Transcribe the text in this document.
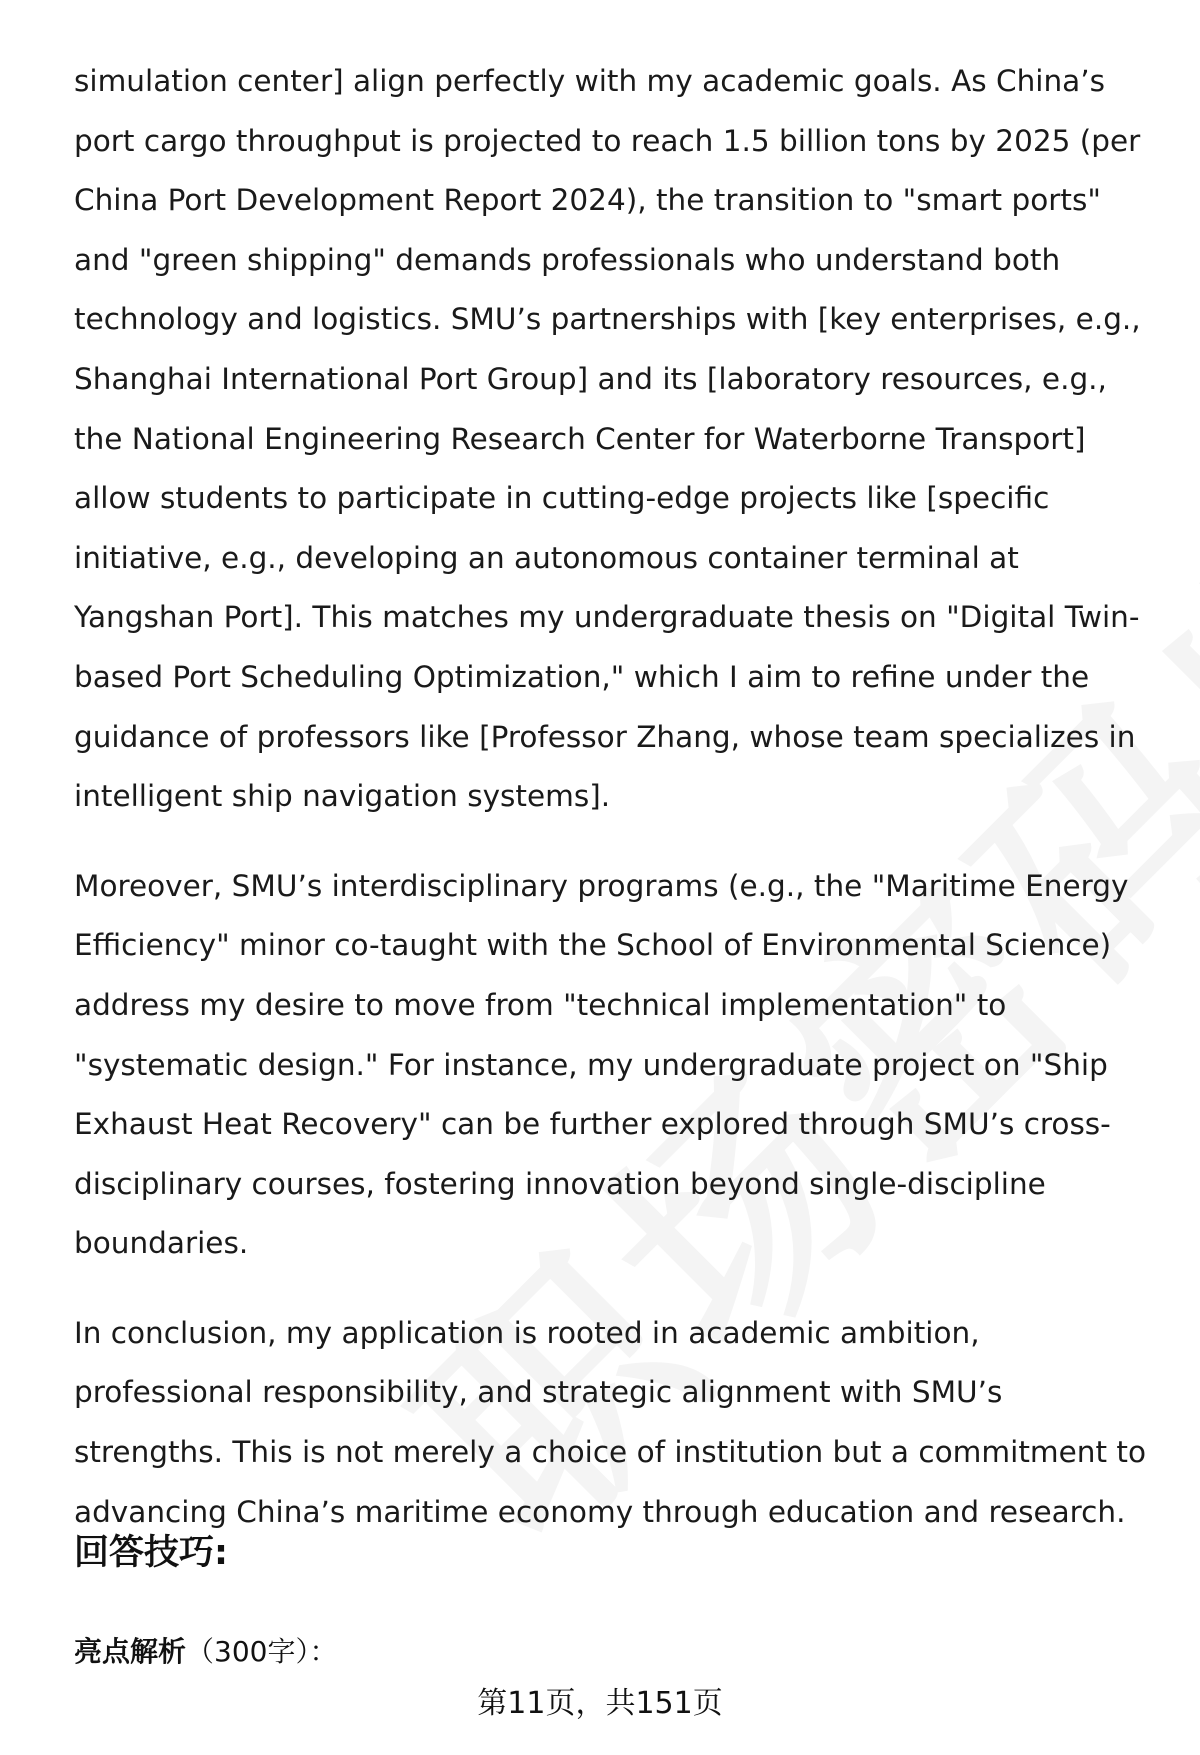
simulation center] align perfectly with my academic goals. As China’s port cargo throughput is projected to reach 1.5 billion tons by 2025 (per China Port Development Report 2024), the transition to "smart ports" and "green shipping" demands professionals who understand both technology and logistics. SMU’s partnerships with [key enterprises, e.g., Shanghai International Port Group] and its [laboratory resources, e.g., the National Engineering Research Center for Waterborne Transport] allow students to participate in cutting-edge projects like [specific initiative, e.g., developing an autonomous container terminal at Yangshan Port]. This matches my undergraduate thesis on "Digital Twin-based Port Scheduling Optimization," which I aim to refine under the guidance of professors like [Professor Zhang, whose team specializes in intelligent ship navigation systems].

Moreover, SMU’s interdisciplinary programs (e.g., the "Maritime Energy Efficiency" minor co-taught with the School of Environmental Science) address my desire to move from "technical implementation" to "systematic design." For instance, my undergraduate project on "Ship Exhaust Heat Recovery" can be further explored through SMU’s cross-disciplinary courses, fostering innovation beyond single-discipline boundaries.

In conclusion, my application is rooted in academic ambition, professional responsibility, and strategic alignment with SMU’s strengths. This is not merely a choice of institution but a commitment to advancing China’s maritime economy through education and research.

回答技巧:
亮点解析（300字）：
第11页，共151页
